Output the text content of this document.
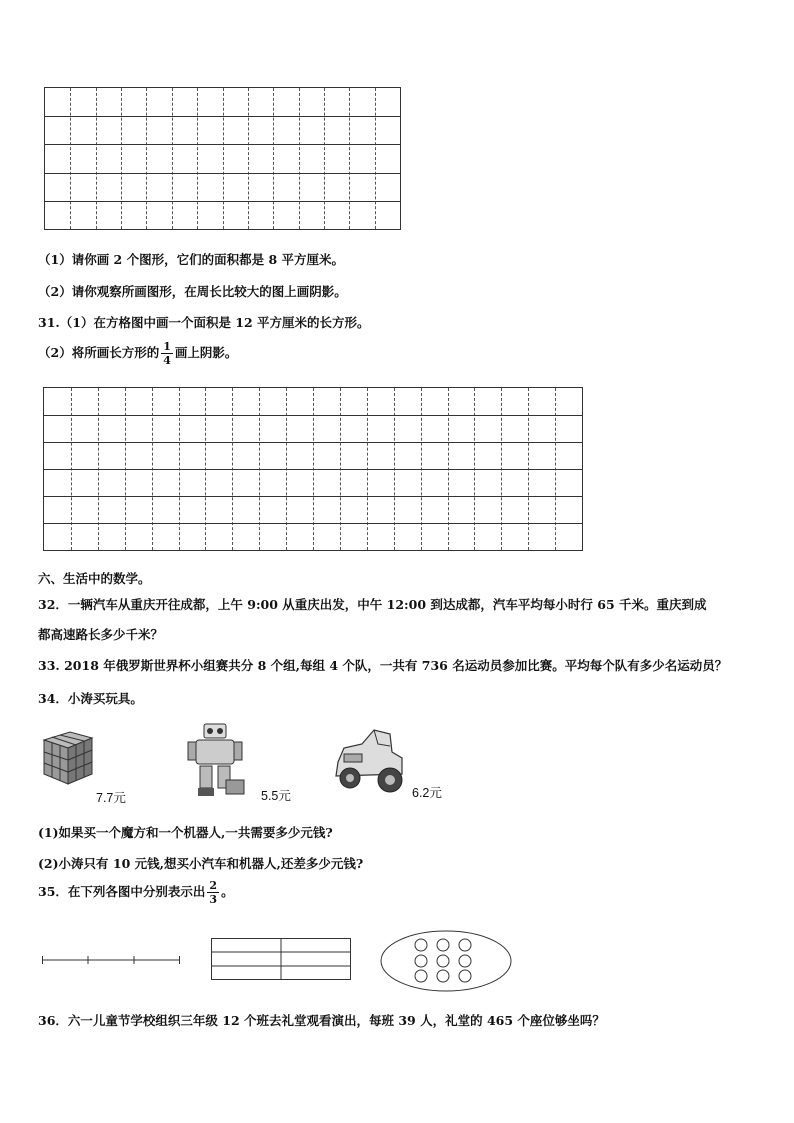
（1）请你画 2 个图形，它们的面积都是 8 平方厘米。
（2）请你观察所画图形，在周长比较大的图上画阴影。
31.（1）在方格图中画一个面积是 12 平方厘米的长方形。
（2）将所画长方形的 $\frac{1}{4}$ 画上阴影。
六、生活中的数学。
32．一辆汽车从重庆开往成都，上午 9:00 从重庆出发，中午 12:00 到达成都，汽车平均每小时行 65 千米。重庆到成
都高速路长多少千米？
33. 2018 年俄罗斯世界杯小组赛共分 8 个组,每组 4 个队，一共有 736 名运动员参加比赛。平均每个队有多少名运动员？
34．小涛买玩具。
7.7元	5.5元	6.2元
(1)如果买一个魔方和一个机器人,一共需要多少元钱?
(2)小涛只有 10 元钱,想买小汽车和机器人,还差多少元钱?
35．在下列各图中分别表示出 $\frac{2}{3}$ 。
36．六一儿童节学校组织三年级 12 个班去礼堂观看演出，每班 39 人，礼堂的 465 个座位够坐吗？
